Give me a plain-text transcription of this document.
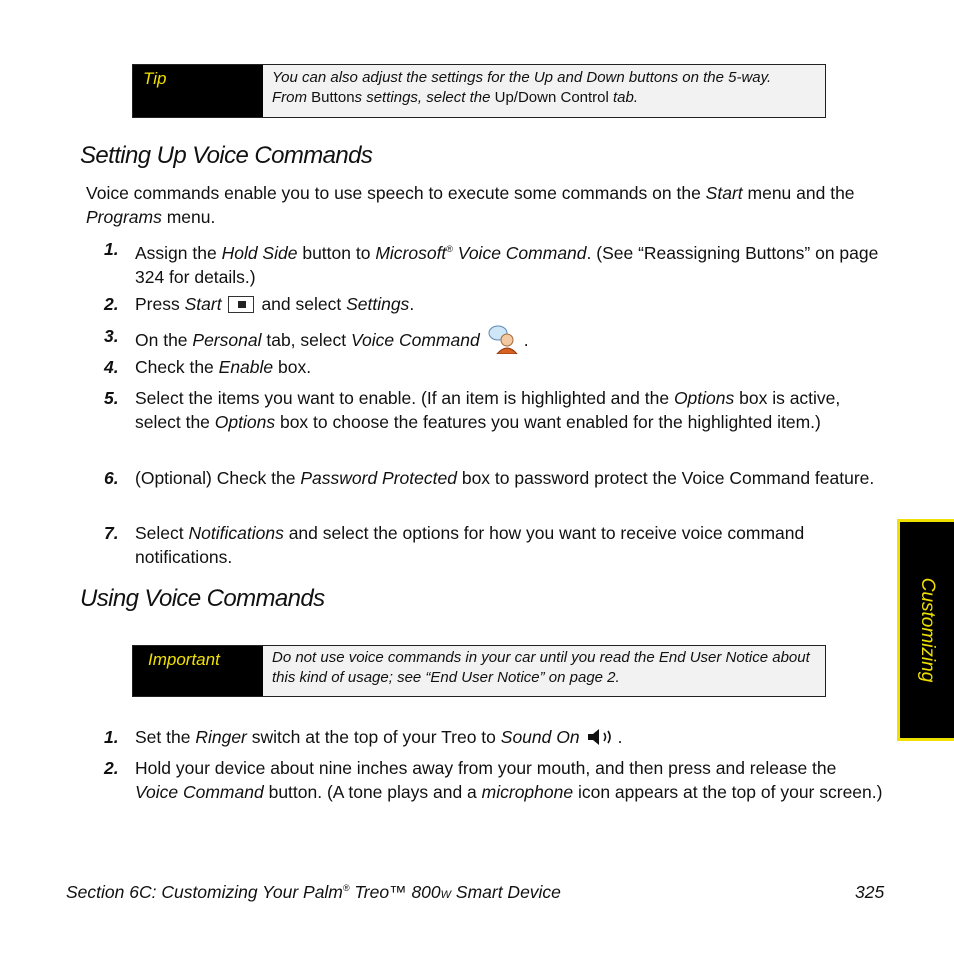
Tip	You can also adjust the settings for the Up and Down buttons on the 5-way.
From Buttons settings, select the Up/Down Control tab.
Setting Up Voice Commands

Voice commands enable you to use speech to execute some commands on the Start menu and the Programs menu.

1. Assign the Hold Side button to Microsoft® Voice Command. (See “Reassigning Buttons” on page 324 for details.)
2. Press Start and select Settings.
3. On the Personal tab, select Voice Command	.
4. Check the Enable box.
5. Select the items you want to enable. (If an item is highlighted and the Options box is active, select the Options box to choose the features you want enabled for the highlighted item.)
6. (Optional) Check the Password Protected box to password protect the Voice Command feature.
7. Select Notifications and select the options for how you want to receive voice command notifications.
Using Voice Commands
Important	Do not use voice commands in your car until you read the End User Notice about this kind of usage; see “End User Notice” on page 2.
1. Set the Ringer switch at the top of your Treo to Sound On .
2. Hold your device about nine inches away from your mouth, and then press and release the Voice Command button. (A tone plays and a microphone icon appears at the top of your screen.)
Customizing
Section 6C: Customizing Your Palm® Treo™ 800W Smart Device	325
